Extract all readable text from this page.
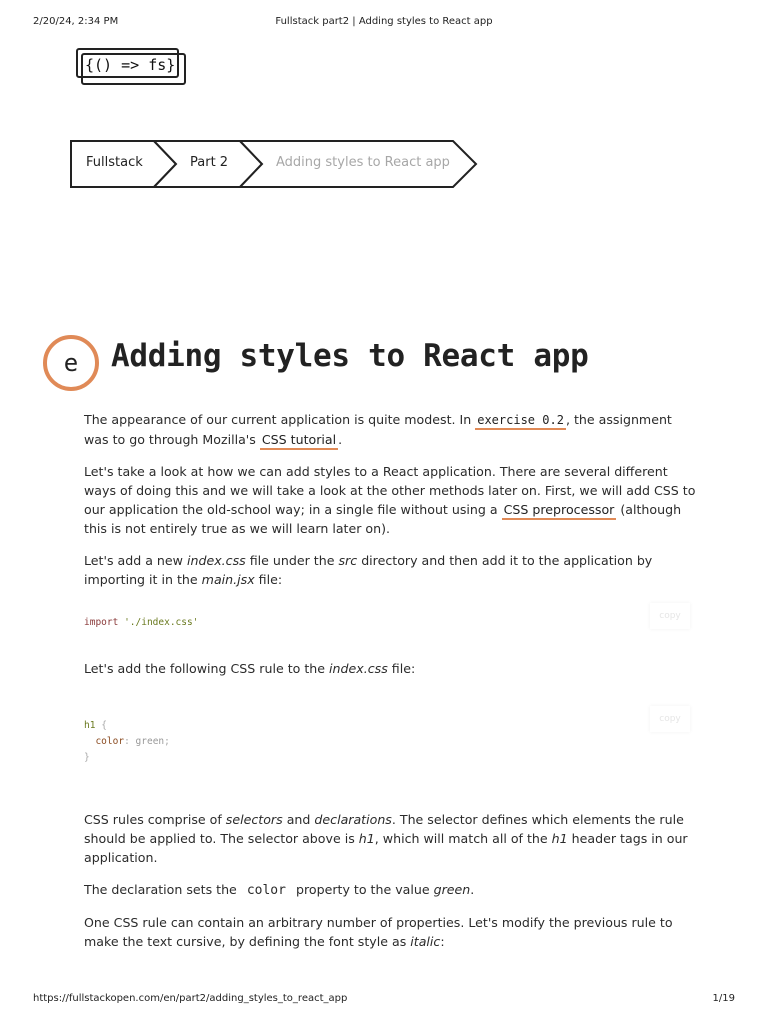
2/20/24, 2:34 PM	Fullstack part2 | Adding styles to React app
{() => fs}
Fullstack	Part 2	Adding styles to React app
e	Adding styles to React app

The appearance of our current application is quite modest. In exercise 0.2 , the assignment was to go through Mozilla's CSS tutorial .

Let's take a look at how we can add styles to a React application. There are several different ways of doing this and we will take a look at the other methods later on. First, we will add CSS to our application the old-school way; in a single file without using a CSS preprocessor (although this is not entirely true as we will learn later on).

Let's add a new index.css file under the src directory and then add it to the application by importing it in the main.jsx file:

import './index.css'
copy

Let's add the following CSS rule to the index.css file:

h1 {
color: green;
}
copy

CSS rules comprise of selectors and declarations. The selector defines which elements the rule should be applied to. The selector above is h1, which will match all of the h1 header tags in our application.

The declaration sets the color property to the value green.

One CSS rule can contain an arbitrary number of properties. Let's modify the previous rule to make the text cursive, by defining the font style as italic:

https://fullstackopen.com/en/part2/adding_styles_to_react_app	1/19
